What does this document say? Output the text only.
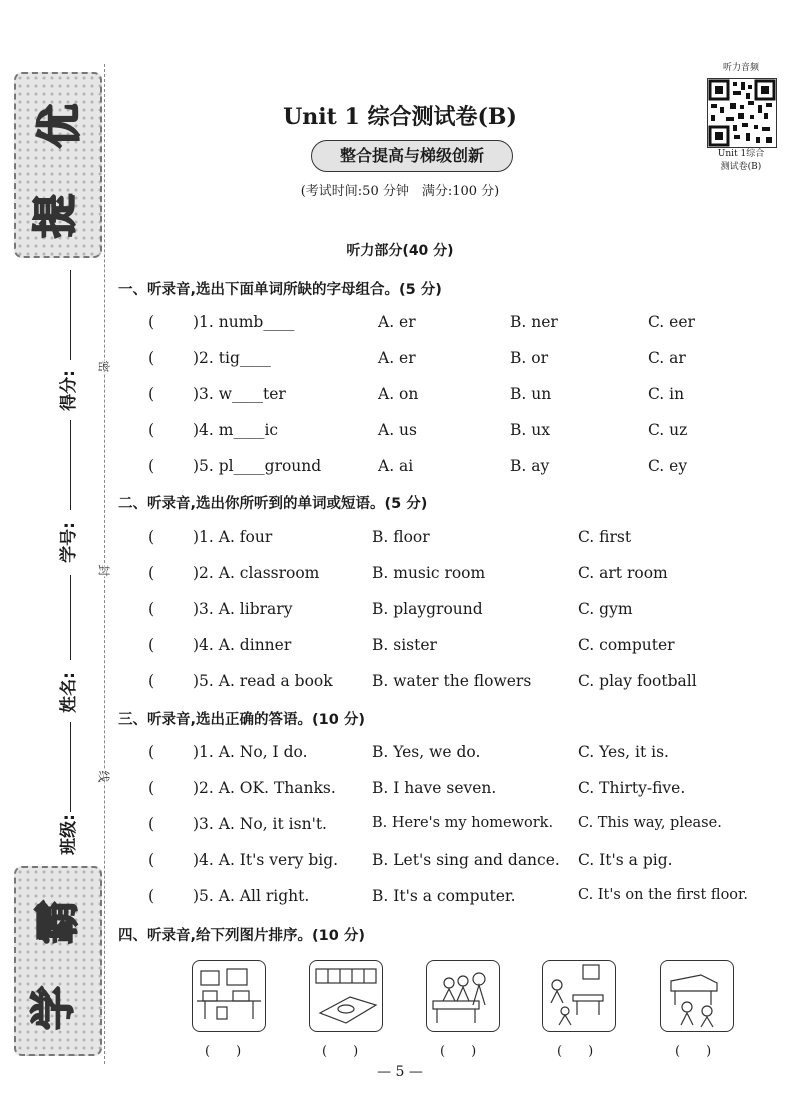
提
优
学
霸
得分:
学号:
姓名:
班级:
密
封
线
Unit 1 综合测试卷(B)
整合提高与梯级创新
(考试时间:50 分钟　满分:100 分)
听力音频
Unit 1综合
测试卷(B)
听力部分(40 分)
一、听录音,选出下面单词所缺的字母组合。(5 分)
(	)1. numb____	A. er	B. ner	C. eer
(	)2. tig____	A. er	B. or	C. ar
(	)3. w____ter	A. on	B. un	C. in
(	)4. m____ic	A. us	B. ux	C. uz
(	)5. pl____ground	A. ai	B. ay	C. ey
二、听录音,选出你所听到的单词或短语。(5 分)
(	)1. A. four	B. floor	C. first
(	)2. A. classroom	B. music room	C. art room
(	)3. A. library	B. playground	C. gym
(	)4. A. dinner	B. sister	C. computer
(	)5. A. read a book	B. water the flowers	C. play football
三、听录音,选出正确的答语。(10 分)
(	)1. A. No, I do.	B. Yes, we do.	C. Yes, it is.
(	)2. A. OK. Thanks. B. I have seven.	C. Thirty-five.
(	)3. A. No, it isn't.	B. Here's my homework. C. This way, please.
(	)4. A. It's very big. B. Let's sing and dance. C. It's a pig.
(	)5. A. All right.	B. It's a computer.	C. It's on the first floor.
四、听录音,给下列图片排序。(10 分)
(　　)	(　　)	(　　)	(　　)	(　　)
— 5 —
